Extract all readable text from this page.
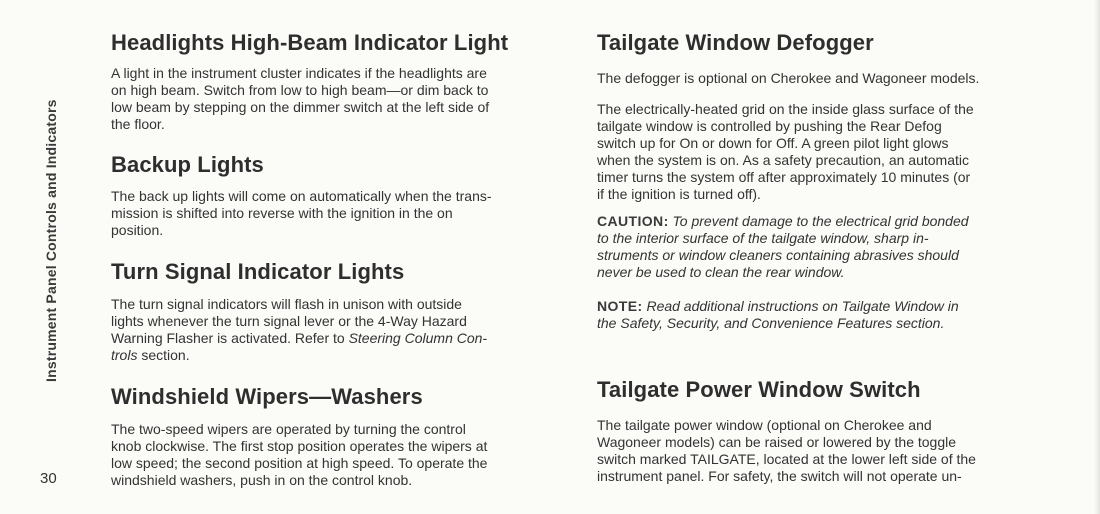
Instrument Panel Controls and Indicators
30
Headlights High-Beam Indicator Light

A light in the instrument cluster indicates if the headlights are

on high beam. Switch from low to high beam—or dim back to

low beam by stepping on the dimmer switch at the left side of

the floor.

Backup Lights

The back up lights will come on automatically when the trans-

mission is shifted into reverse with the ignition in the on

position.

Turn Signal Indicator Lights

The turn signal indicators will flash in unison with outside

lights whenever the turn signal lever or the 4-Way Hazard

Warning Flasher is activated. Refer to Steering Column Con-

trols section.

Windshield Wipers—Washers

The two-speed wipers are operated by turning the control

knob clockwise. The first stop position operates the wipers at

low speed; the second position at high speed. To operate the

windshield washers, push in on the control knob.

Tailgate Window Defogger

The defogger is optional on Cherokee and Wagoneer models.

The electrically-heated grid on the inside glass surface of the

tailgate window is controlled by pushing the Rear Defog

switch up for On or down for Off. A green pilot light glows

when the system is on. As a safety precaution, an automatic

timer turns the system off after approximately 10 minutes (or

if the ignition is turned off).

CAUTION: To prevent damage to the electrical grid bonded

to the interior surface of the tailgate window, sharp in-

struments or window cleaners containing abrasives should

never be used to clean the rear window.

NOTE: Read additional instructions on Tailgate Window in

the Safety, Security, and Convenience Features section.

Tailgate Power Window Switch

The tailgate power window (optional on Cherokee and

Wagoneer models) can be raised or lowered by the toggle

switch marked TAILGATE, located at the lower left side of the

instrument panel. For safety, the switch will not operate un-
